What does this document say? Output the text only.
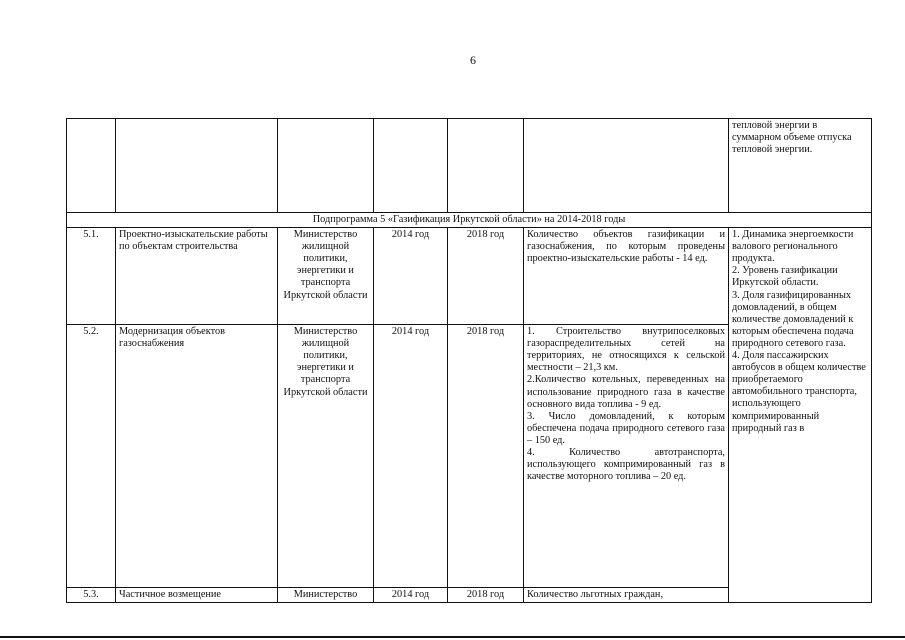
6
						тепловой энергии в суммарном объеме отпуска тепловой энергии.
Подпрограмма 5 «Газификация Иркутской области» на 2014-2018 годы						
5.1.	Проектно-изыскательские работы по объектам строительства	Министерство жилищной политики, энергетики и транспорта Иркутской области	2014 год	2018 год	Количество объектов газификации и газоснабжения, по которым проведены проектно-изыскательские работы - 14 ед.	1. Динамика энергоемкости валового регионального продукта.
2. Уровень газификации Иркутской области.
3. Доля газифицированных домовладений, в общем количестве домовладений к которым обеспечена подача природного сетевого газа.
4. Доля пассажирских автобусов в общем количестве приобретаемого автомобильного транспорта, использующего компримированный природный газ в
5.2.	Модернизация объектов газоснабжения	Министерство жилищной политики, энергетики и транспорта Иркутской области	2014 год	2018 год	1. Строительство внутрипоселковых газораспределительных сетей на территориях, не относящихся к сельской местности – 21,3 км.

2.Количество котельных, переведенных на использование природного газа в качестве основного вида топлива - 9 ед.

3. Число домовладений, к которым обеспечена подача природного сетевого газа – 150 ед.

4. Количество автотранспорта, использующего компримированный газ в качестве моторного топлива – 20 ед.	

5.3.	Частичное возмещение	Министерство	2014 год	2018 год	Количество льготных граждан,	
